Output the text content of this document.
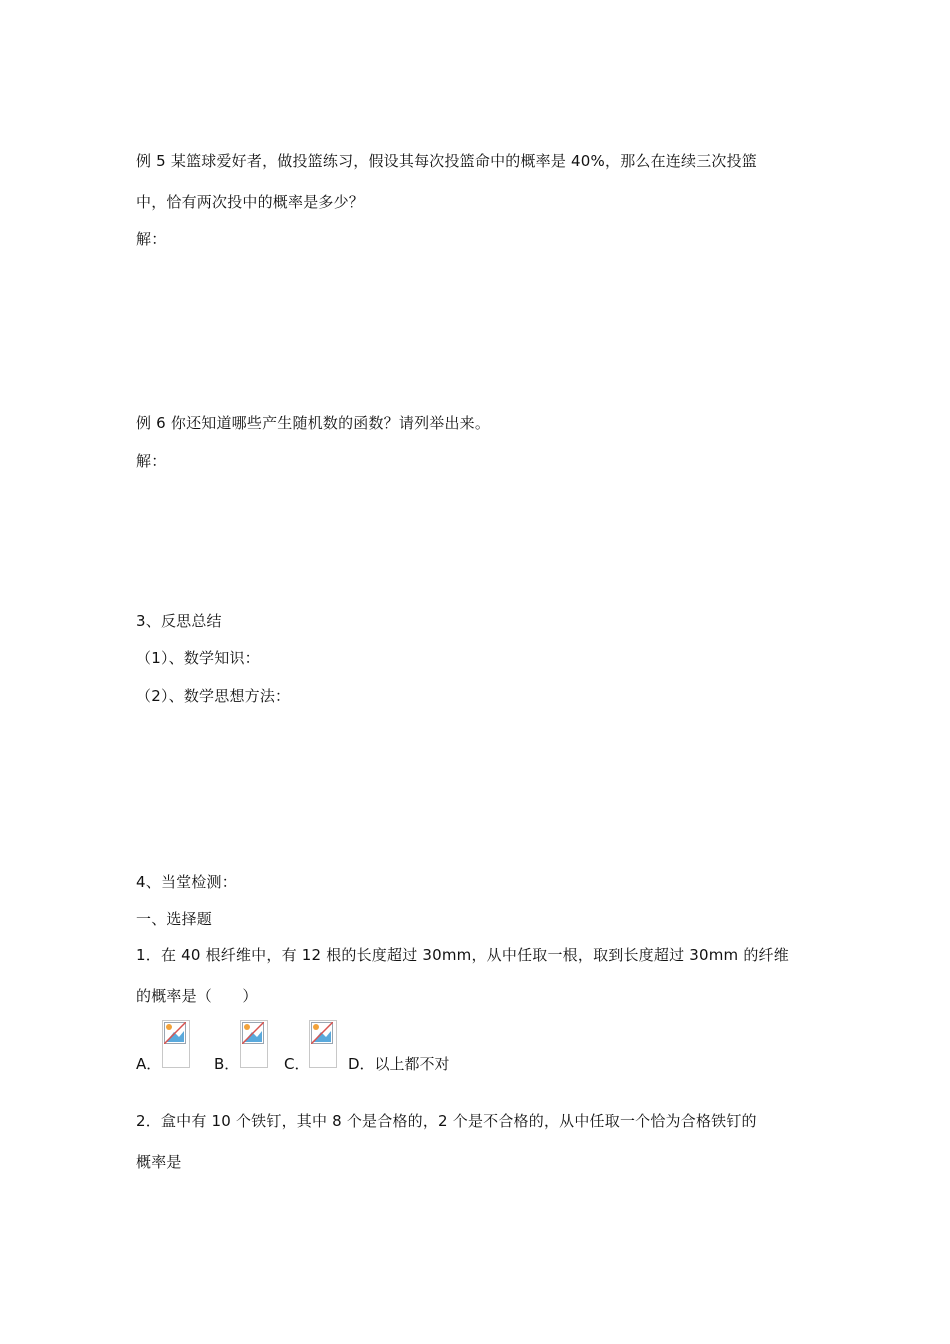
例 5 某篮球爱好者，做投篮练习，假设其每次投篮命中的概率是 40%，那么在连续三次投篮
中，恰有两次投中的概率是多少？
解：
例 6 你还知道哪些产生随机数的函数？请列举出来。
解：
3、反思总结
（1）、数学知识：
（2）、数学思想方法：
4、当堂检测：
一、选择题
1．在 40 根纤维中，有 12 根的长度超过 30mm，从中任取一根，取到长度超过 30mm 的纤维
的概率是（　　）
A．	B．	C．	D．以上都不对
2．盒中有 10 个铁钉，其中 8 个是合格的，2 个是不合格的，从中任取一个恰为合格铁钉的
概率是
